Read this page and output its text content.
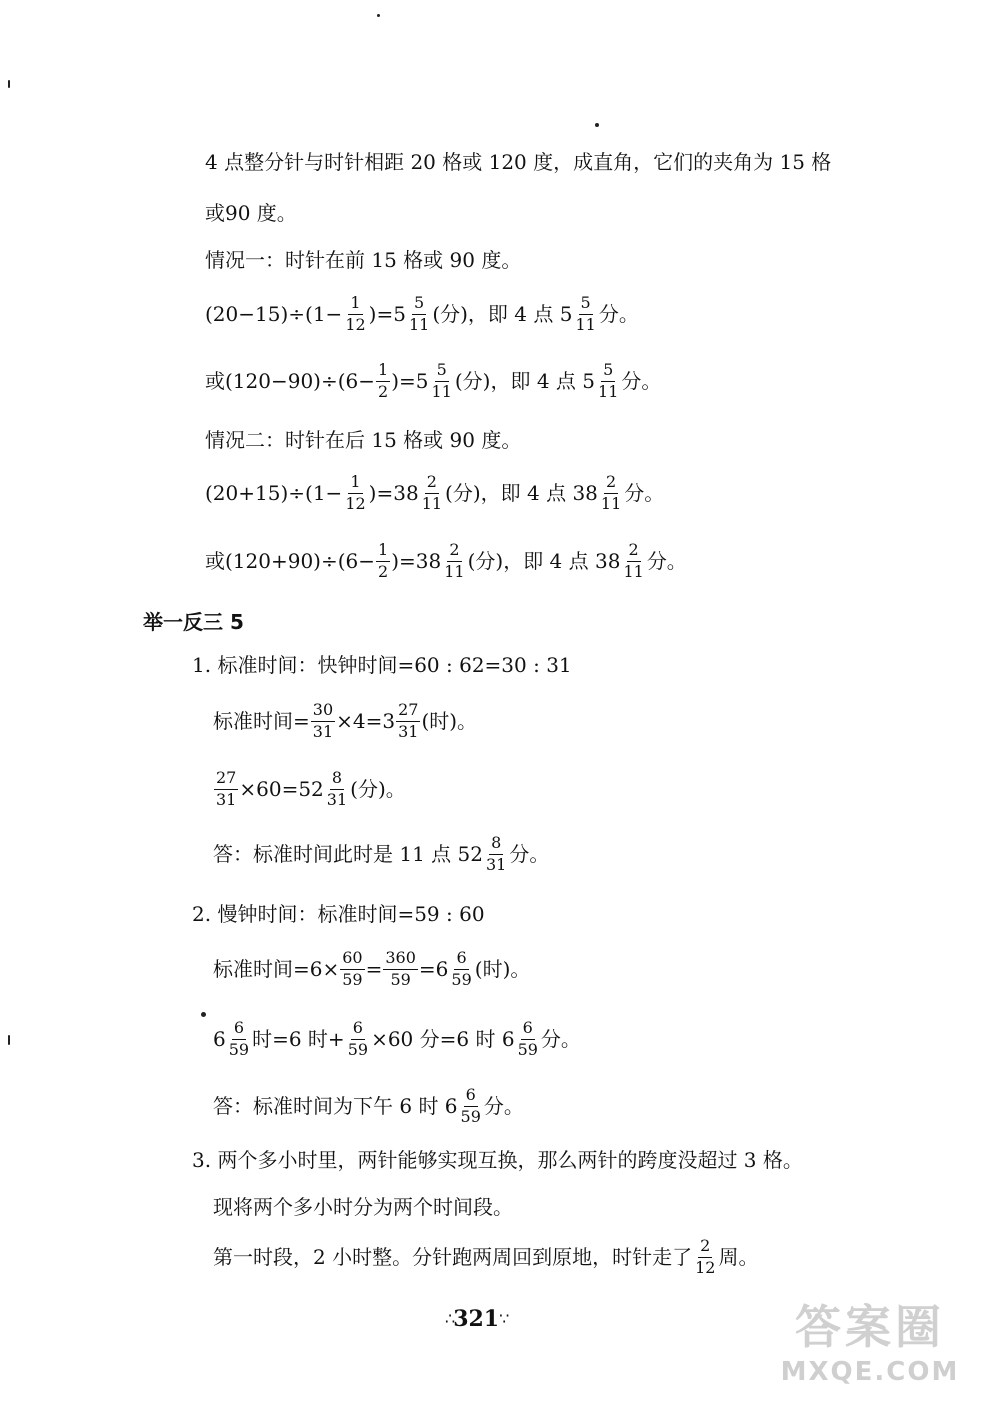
4 点整分针与时针相距 20 格或 120 度，成直角，它们的夹角为 15 格
或90 度。
情况一：时针在前 15 格或 90 度。
$(20-15)\div(1- \frac{1}{12} )=5 \frac{5}{11}$ (分)，即 4 点 $5 \frac{5}{11}$ 分。
或$(120-90)\div(6- \frac{1}{2} )=5 \frac{5}{11}$ (分)，即 4 点 $5 \frac{5}{11}$ 分。
情况二：时针在后 15 格或 90 度。
$(20+15)\div(1- \frac{1}{12} )=38 \frac{2}{11}$ (分)，即 4 点 $38 \frac{2}{11}$ 分。
或$(120+90)\div(6- \frac{1}{2} )=38 \frac{2}{11}$ (分)，即 4 点 $38 \frac{2}{11}$ 分。
举一反三 5
1. 标准时间：快钟时间=60 : 62=30 : 31
标准时间= $\frac{30}{31} \times 4=3 \frac{27}{31}$ (时)。
$\frac{27}{31} \times 60=52 \frac{8}{31}$ (分)。
答：标准时间此时是 11 点 $52 \frac{8}{31}$ 分。
2. 慢钟时间：标准时间=59 : 60
标准时间$=6\times \frac{60}{59} = \frac{360}{59} =6 \frac{6}{59}$ (时)。
$6 \frac{6}{59}$ 时=6 时+ $\frac{6}{59} \times 60$ 分=6 时 $6 \frac{6}{59}$ 分。
答：标准时间为下午 6 时 $6 \frac{6}{59}$ 分。
3. 两个多小时里，两针能够实现互换，那么两针的跨度没超过 3 格。
现将两个多小时分为两个时间段。
第一时段，2 小时整。分针跑两周回到原地，时针走了 $\frac{2}{12}$ 周。
∴ 321 ∵	答案圈
MXQE.COM
